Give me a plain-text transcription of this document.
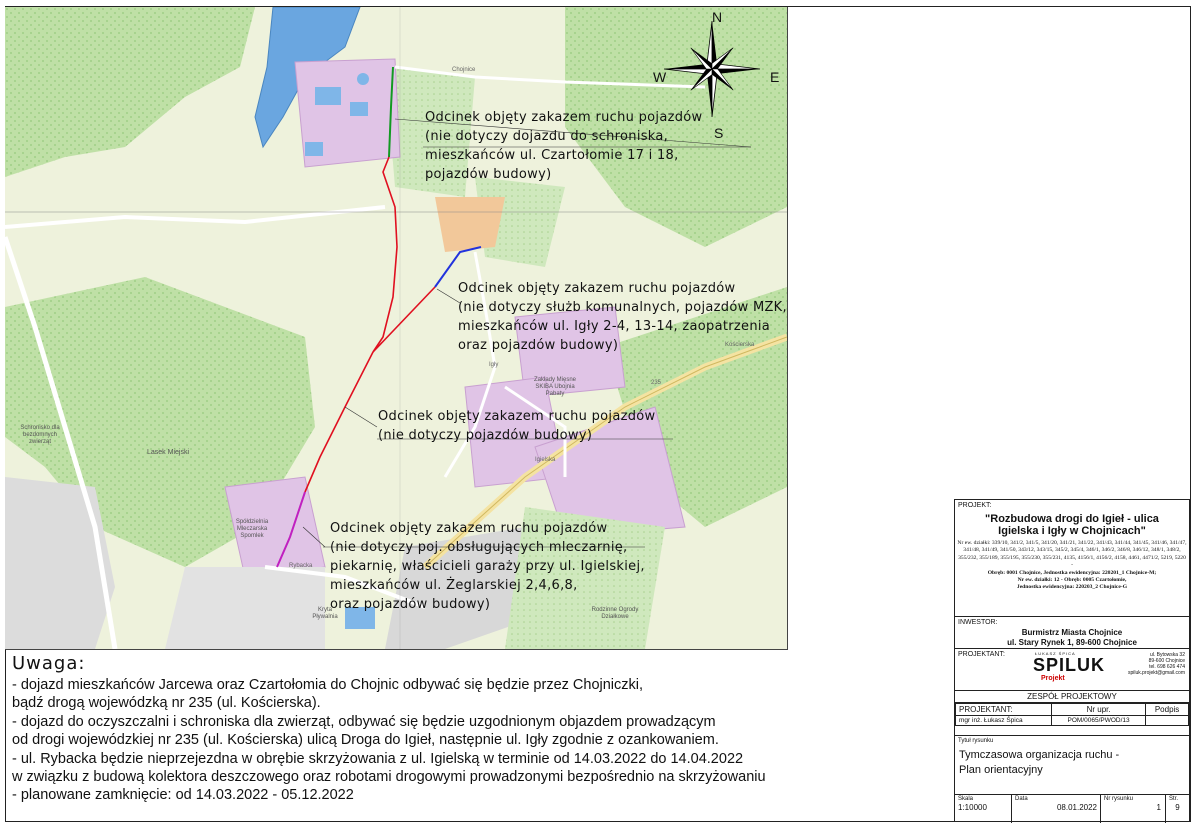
N
S
E
W
Zakłady Mięsne SKIBA Ubojnia Pabaty
Lasek Miejski
Spółdzielnia Mleczarska Spomlek
Schronisko dla bezdomnych zwierząt
Kryta Pływalnia
Rodzinne Ogrody Działkowe
235
Kościerska
Rybacka
Igielska
Igły
Chojnice
Odcinek objęty zakazem ruchu pojazdów
(nie dotyczy dojazdu do schroniska,
mieszkańców ul. Czartołomie 17 i 18,
pojazdów budowy)
Odcinek objęty zakazem ruchu pojazdów
(nie dotyczy służb komunalnych, pojazdów MZK,
mieszkańców ul. Igły 2-4, 13-14, zaopatrzenia
oraz pojazdów budowy)
Odcinek objęty zakazem ruchu pojazdów
(nie dotyczy pojazdów budowy)
Odcinek objęty zakazem ruchu pojazdów
(nie dotyczy poj. obsługujących mleczarnię,
piekarnię, właścicieli garaży przy ul. Igielskiej,
mieszkańców ul. Żeglarskiej 2,4,6,8,
oraz pojazdów budowy)
Uwaga:
- dojazd mieszkańców Jarcewa oraz Czartołomia do Chojnic odbywać się będzie przez Chojniczki,
bądź drogą wojewódzką nr 235 (ul. Kościerska).
- dojazd do oczyszczalni i schroniska dla zwierząt, odbywać się będzie uzgodnionym objazdem prowadzącym
od drogi wojewódzkiej nr 235 (ul. Kościerska) ulicą Droga do Igieł, następnie ul. Igły zgodnie z ozankowaniem.
- ul. Rybacka będzie nieprzejezdna w obrębie skrzyżowania z ul. Igielską w terminie od 14.03.2022 do 14.04.2022
w związku z budową kolektora deszczowego oraz robotami drogowymi prowadzonymi bezpośrednio na skrzyżowaniu
- planowane zamknięcie: od 14.03.2022 - 05.12.2022
PROJEKT:
"Rozbudowa drogi do Igieł - ulica Igielska i Igły w Chojnicach"
Nr ew. działki: 339/10, 341/2, 341/5, 341/20, 341/21, 341/22, 341/43, 341/44, 341/45, 341/46, 341/47, 341/48, 341/49, 341/50, 343/12, 343/15, 345/2, 345/4, 346/1, 346/2, 346/8, 346/12, 348/1, 348/2, 355/232, 355/189, 355/195, 355/230, 355/231, 4135, 4156/1, 4156/2, 4158, 4461, 4471/2, 5219, 5220 -
Obręb: 0001 Chojnice, Jednostka ewidencyjna: 220201_1 Chojnice-M;
Nr ew. działki: 12 - Obręb: 0005 Czartołomie,
Jednostka ewidencyjna: 220203_2 Chojnice-G
INWESTOR:
Burmistrz Miasta Chojnice
ul. Stary Rynek 1, 89-600 Chojnice
PROJEKTANT:	ŁUKASZ ŚPICA
SPILUK
Projekt
ul. Bytowska 32
89-600 Chojnice
tel. 698 626 474
spiluk.projekt@gmail.com
ZESPÓŁ PROJEKTOWY
PROJEKTANT:	Nr upr.	Podpis
mgr inż. Łukasz Śpica	POM/0065/PWOD/13	
Tytuł rysunku
Tymczasowa organizacja ruchu -
Plan orientacyjny
Skala
1:10000
Data
08.01.2022
Nr rysunku
1
Str.
9
